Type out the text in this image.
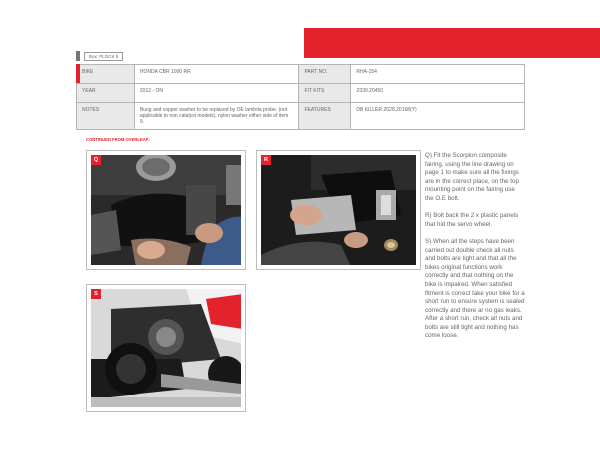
FITTING INSTRUCTIONS 4/4
Box: PLOCK 5
BIKE	HONDA CBR 1000 RR	PART NO.	RHA-154
YEAR	2012 - ON	FIT KITS	Z039.20450
NOTES	Bung and copper washer to be replaced by OE lambda probe. (not applicable to non catalyst models), nylon washer either side of item 9.	FEATURES	DB KILLER Z028.20168(Y)
CONTINUED FROM OVERLEAF:
Q	R
S

Q) Fit the Scorpion composite fairing, using the line drawing on page 1 to make sure all the fixings are in the correct place, on the top mounting point on the fairing use the O.E bolt.

R) Bolt back the 2 x plastic panels that hid the servo wheel.

S) When all the steps have been carried out double check all nuts and bolts are tight and that all the bikes original functions work correctly and that nothing on the bike is impaired. When satisfied fitment is correct take your bike for a short run to ensure system is sealed correctly and there ar no gas leaks. After a short run, check all nuts and bolts are still tight and nothing has come loose.
